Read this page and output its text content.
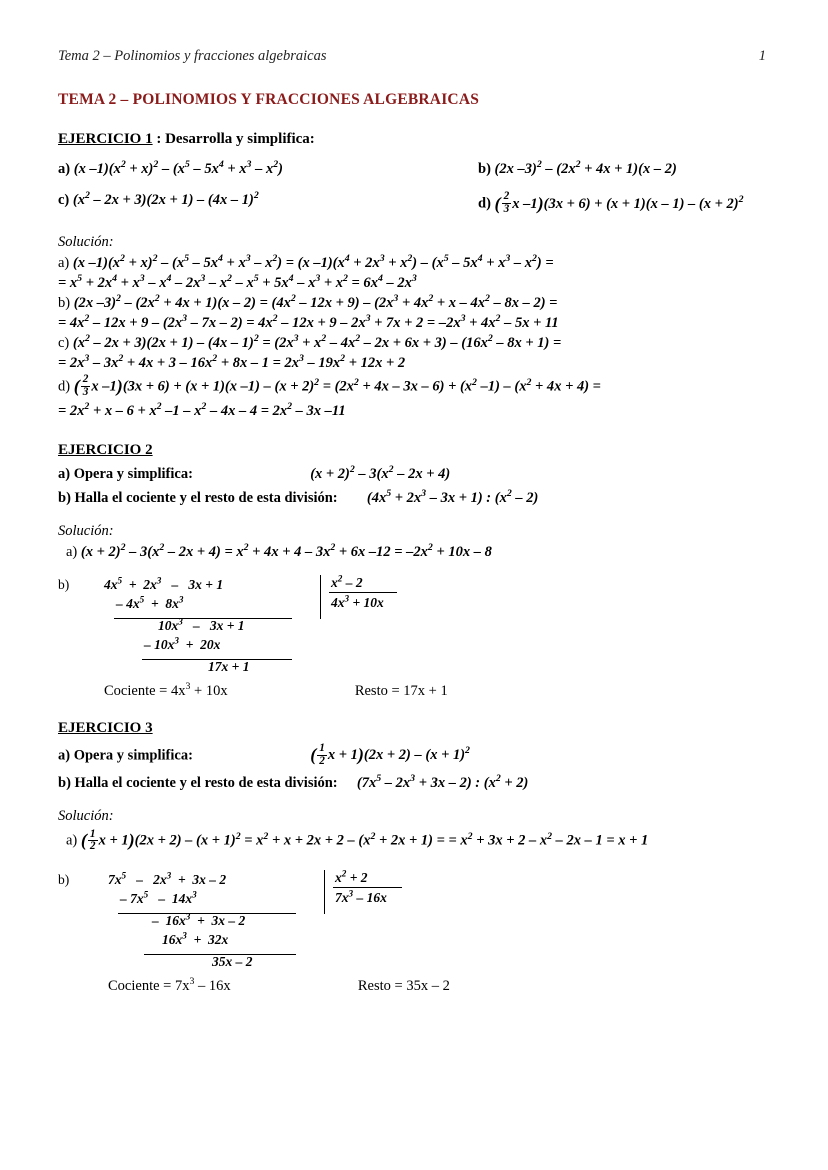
Tema 2 – Polinomios y fracciones algebraicas	1
TEMA 2 – POLINOMIOS Y FRACCIONES ALGEBRAICAS
EJERCICIO 1 : Desarrolla y simplifica:
a) (x $-1)(x^2 + x)^2 - (x^5 - 5x^4 + x^3 - x^2)$	b) (2x $-3)^2 - (2x^2 + 4x + 1)(x - 2)$
c) $(x^2 - 2x + 3)(2x + 1) - (4x - 1)^2$
d) ( $\frac{2}{3}$ x $-1)(3x + 6) + (x + 1)(x - 1) - (x + 2)^2$
Solución:
a) (x $-1)(x^2 + x)^2 - (x^5 - 5x^4 + x^3 - x^2) = (x$ $-1)(x^4 + 2x^3 + x^2) - (x^5 - 5x^4 + x^3 - x^2)$ =
= $x^5 + 2x^4 + x^3 - x^4 - 2x^3 - x^2 - x^5 + 5x^4 - x^3 + x^2 = 6x^4 - 2x^3$
b) (2x $-3)^2 - (2x^2 + 4x + 1)(x - 2) = (4x^2 - 12x + 9) - (2x^3 + 4x^2 + x - 4x^2 - 8x - 2)$ =
= $4x^2 - 12x + 9 - (2x^3 - 7x - 2) = 4x^2 - 12x + 9 - 2x^3 + 7x + 2 = -2x^3 + 4x^2 - 5x + 11$
c) $(x^2 - 2x + 3)(2x + 1) - (4x - 1)^2 = (2x^3 + x^2 - 4x^2 - 2x + 6x + 3) - (16x^2 - 8x + 1)$ =
= $2x^3 - 3x^2 + 4x + 3 - 16x^2 + 8x - 1 = 2x^3 - 19x^2 + 12x + 2$
d) ( $\frac{2}{3}$ x –1)(3x + 6) + (x + 1)(x $-1) - (x + 2)^2 = (2x^2 + 4x - 3x - 6) + (x^2$ $-1) - (x^2 + 4x + 4)$ =
= $2x^2 + x - 6 + x^2$ $-1 - x^2 - 4x - 4 = 2x^2 - 3x$ –11
EJERCICIO 2
a) Opera y simplifica:	$(x + 2)^2 - 3(x^2 - 2x + 4)$
b) Halla el cociente y el resto de esta división:  $(4x^5 + 2x^3 - 3x + 1)$ : $(x^2 - 2)$
Solución:
a) $(x + 2)^2 - 3(x^2 - 2x + 4) = x^2 + 4x + 4 - 3x^2 + 6x$ $-12 = -2x^2 + 10x - 8$
b)	$4x^5 + 2x^3 - 3x + 1$
– $4x^5 + 8x^3$
$10x^3 - 3x + 1$
– $10x^3 + 20x$
17x + 1
$x^2 - 2$
$4x^3 + 10x$
Cociente = $4x^3 + 10x$	Resto = 17x + 1
EJERCICIO 3
a) Opera y simplifica:	( $\frac{1}{2}$ $x + 1)(2x + 2) - (x + 1)^2$
b) Halla el cociente y el resto de esta división:  $(7x^5 - 2x^3 + 3x - 2)$ : $(x^2 + 2)$
Solución:
a) ( $\frac{1}{2}$ $x + 1)(2x + 2) - (x + 1)^2 = x^2 + x + 2x + 2 - (x^2 + 2x + 1)$ = = $x^2 + 3x + 2 - x^2 - 2x - 1 = x + 1$
b)	$7x^5 - 2x^3 + 3x - 2$
– $7x^5 - 14x^3$
–  $16x^3 + 3x - 2$
$16x^3 + 32x$
35x – 2
$x^2 + 2$
$7x^3 - 16x$
Cociente = $7x^3 - 16x$	Resto = 35x – 2
